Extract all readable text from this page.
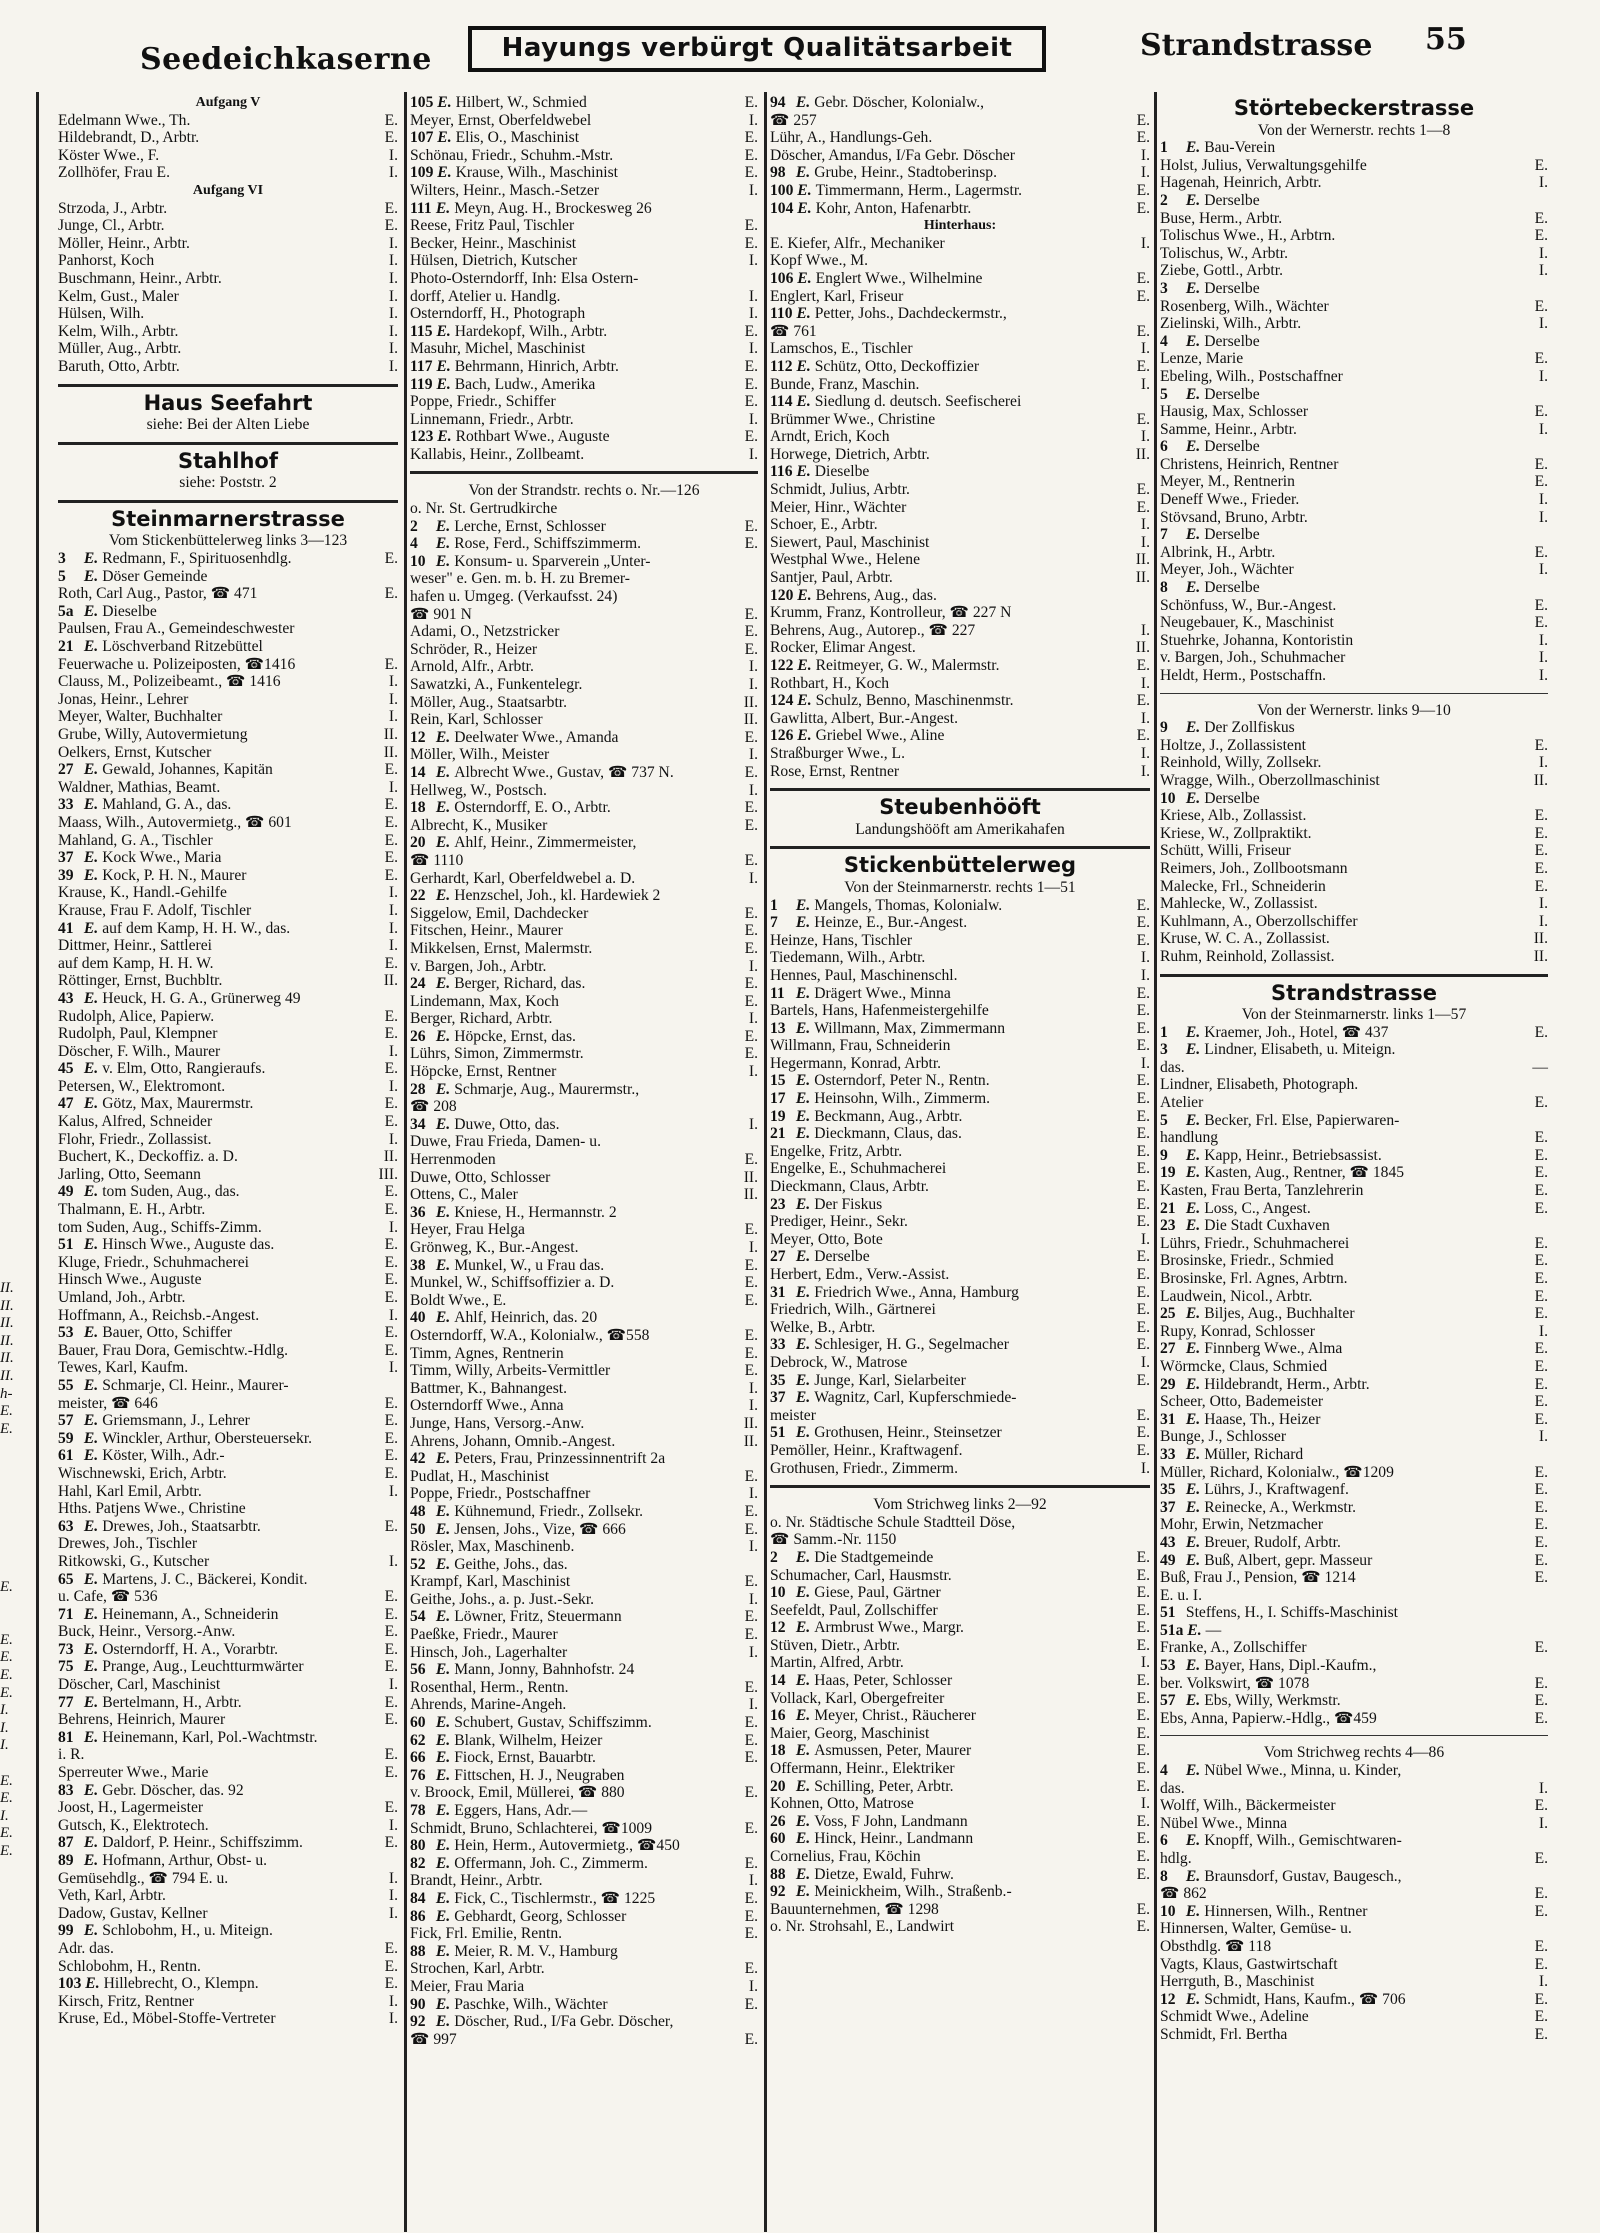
Seedeichkaserne	Hayungs verbürgt Qualitätsarbeit	Strandstrasse 55
II.
II.
II.
II.
II.
II.
h-
E.
E.
E.
E.
E.
E.
E.
I.
I.
I.
E.
E.
I.
E.
E.
Aufgang V
Edelmann Wwe., Th.	E.
Hildebrandt, D., Arbtr.	E.
Köster Wwe., F.	I.
Zollhöfer, Frau E.	I.
Aufgang VI
Strzoda, J., Arbtr.	E.
Junge, Cl., Arbtr.	E.
Möller, Heinr., Arbtr.	I.
Panhorst, Koch	I.
Buschmann, Heinr., Arbtr.	I.
Kelm, Gust., Maler	I.
Hülsen, Wilh.	I.
Kelm, Wilh., Arbtr.	I.
Müller, Aug., Arbtr.	I.
Baruth, Otto, Arbtr.	I.
Haus Seefahrt
siehe: Bei der Alten Liebe
Stahlhof
siehe: Poststr. 2
Steinmarnerstrasse
Vom Stickenbüttelerweg links 3—123
3 E. Redmann, F., Spirituosenhdlg.	E.
5 E. Döser Gemeinde
Roth, Carl Aug., Pastor, ☎ 471	E.
5a E. Dieselbe
Paulsen, Frau A., Gemeindeschwester
21 E. Löschverband Ritzebüttel
Feuerwache u. Polizeiposten, ☎1416	E.
Clauss, M., Polizeibeamt., ☎ 1416	I.
Jonas, Heinr., Lehrer	I.
Meyer, Walter, Buchhalter	I.
Grube, Willy, Autovermietung	II.
Oelkers, Ernst, Kutscher	II.
27 E. Gewald, Johannes, Kapitän	E.
Waldner, Mathias, Beamt.	I.
33 E. Mahland, G. A., das.	E.
Maass, Wilh., Autovermietg., ☎ 601	E.
Mahland, G. A., Tischler	E.
37 E. Kock Wwe., Maria	E.
39 E. Kock, P. H. N., Maurer	E.
Krause, K., Handl.-Gehilfe	I.
Krause, Frau F. Adolf, Tischler	I.
41 E. auf dem Kamp, H. H. W., das.	I.
Dittmer, Heinr., Sattlerei	I.
auf dem Kamp, H. H. W.	E.
Röttinger, Ernst, Buchbltr.	II.
43 E. Heuck, H. G. A., Grünerweg 49
Rudolph, Alice, Papierw.	E.
Rudolph, Paul, Klempner	E.
Döscher, F. Wilh., Maurer	I.
45 E. v. Elm, Otto, Rangieraufs.	E.
Petersen, W., Elektromont.	I.
47 E. Götz, Max, Maurermstr.	E.
Kalus, Alfred, Schneider	E.
Flohr, Friedr., Zollassist.	I.
Buchert, K., Deckoffiz. a. D.	II.
Jarling, Otto, Seemann	III.
49 E. tom Suden, Aug., das.	E.
Thalmann, E. H., Arbtr.	E.
tom Suden, Aug., Schiffs-Zimm.	I.
51 E. Hinsch Wwe., Auguste das.	E.
Kluge, Friedr., Schuhmacherei	E.
Hinsch Wwe., Auguste	E.
Umland, Joh., Arbtr.	E.
Hoffmann, A., Reichsb.-Angest.	I.
53 E. Bauer, Otto, Schiffer	E.
Bauer, Frau Dora, Gemischtw.-Hdlg.	E.
Tewes, Karl, Kaufm.	I.
55 E. Schmarje, Cl. Heinr., Maurer-
meister, ☎ 646	E.
57 E. Griemsmann, J., Lehrer	E.
59 E. Winckler, Arthur, Obersteuersekr.	E.
61 E. Köster, Wilh., Adr.-	E.
Wischnewski, Erich, Arbtr.	E.
Hahl, Karl Emil, Arbtr.	I.
Hths. Patjens Wwe., Christine
63 E. Drewes, Joh., Staatsarbtr.	E.
Drewes, Joh., Tischler
Ritkowski, G., Kutscher	I.
65 E. Martens, J. C., Bäckerei, Kondit.
u. Cafe, ☎ 536	E.
71 E. Heinemann, A., Schneiderin	E.
Buck, Heinr., Versorg.-Anw.	E.
73 E. Osterndorff, H. A., Vorarbtr.	E.
75 E. Prange, Aug., Leuchtturmwärter	E.
Döscher, Carl, Maschinist	I.
77 E. Bertelmann, H., Arbtr.	E.
Behrens, Heinrich, Maurer	E.
81 E. Heinemann, Karl, Pol.-Wachtmstr.
i. R.	E.
Sperreuter Wwe., Marie	E.
83 E. Gebr. Döscher, das. 92
Joost, H., Lagermeister	E.
Gutsch, K., Elektrotech.	I.
87 E. Daldorf, P. Heinr., Schiffszimm.	E.
89 E. Hofmann, Arthur, Obst- u.
Gemüsehdlg., ☎ 794 E. u.	I.
Veth, Karl, Arbtr.	I.
Dadow, Gustav, Kellner	I.
99 E. Schlobohm, H., u. Miteign.
Adr. das.	E.
Schlobohm, H., Rentn.	E.
103 E. Hillebrecht, O., Klempn.	E.
Kirsch, Fritz, Rentner	I.
Kruse, Ed., Möbel-Stoffe-Vertreter	I.
105 E. Hilbert, W., Schmied	E.
Meyer, Ernst, Oberfeldwebel	I.
107 E. Elis, O., Maschinist	E.
Schönau, Friedr., Schuhm.-Mstr.	E.
109 E. Krause, Wilh., Maschinist	E.
Wilters, Heinr., Masch.-Setzer	I.
111 E. Meyn, Aug. H., Brockesweg 26
Reese, Fritz Paul, Tischler	E.
Becker, Heinr., Maschinist	E.
Hülsen, Dietrich, Kutscher	I.
Photo-Osterndorff, Inh: Elsa Ostern-
dorff, Atelier u. Handlg.	I.
Osterndorff, H., Photograph	I.
115 E. Hardekopf, Wilh., Arbtr.	E.
Masuhr, Michel, Maschinist	I.
117 E. Behrmann, Hinrich, Arbtr.	E.
119 E. Bach, Ludw., Amerika	E.
Poppe, Friedr., Schiffer	E.
Linnemann, Friedr., Arbtr.	I.
123 E. Rothbart Wwe., Auguste	E.
Kallabis, Heinr., Zollbeamt.	I.
Von der Strandstr. rechts o. Nr.—126
o. Nr. St. Gertrudkirche
2 E. Lerche, Ernst, Schlosser	E.
4 E. Rose, Ferd., Schiffszimmerm.	E.
10 E. Konsum- u. Sparverein „Unter-
weser" e. Gen. m. b. H. zu Bremer-
hafen u. Umgeg. (Verkaufsst. 24)
☎ 901 N	E.
Adami, O., Netzstricker	E.
Schröder, R., Heizer	E.
Arnold, Alfr., Arbtr.	I.
Sawatzki, A., Funkentelegr.	I.
Möller, Aug., Staatsarbtr.	II.
Rein, Karl, Schlosser	II.
12 E. Deelwater Wwe., Amanda	E.
Möller, Wilh., Meister	I.
14 E. Albrecht Wwe., Gustav, ☎ 737 N.	E.
Hellweg, W., Postsch.	I.
18 E. Osterndorff, E. O., Arbtr.	E.
Albrecht, K., Musiker	E.
20 E. Ahlf, Heinr., Zimmermeister,
☎ 1110	E.
Gerhardt, Karl, Oberfeldwebel a. D.	I.
22 E. Henzschel, Joh., kl. Hardewiek 2
Siggelow, Emil, Dachdecker	E.
Fitschen, Heinr., Maurer	E.
Mikkelsen, Ernst, Malermstr.	E.
v. Bargen, Joh., Arbtr.	I.
24 E. Berger, Richard, das.	E.
Lindemann, Max, Koch	E.
Berger, Richard, Arbtr.	I.
26 E. Höpcke, Ernst, das.	E.
Lührs, Simon, Zimmermstr.	E.
Höpcke, Ernst, Rentner	I.
28 E. Schmarje, Aug., Maurermstr.,
☎ 208
34 E. Duwe, Otto, das.	I.
Duwe, Frau Frieda, Damen- u.
Herrenmoden	E.
Duwe, Otto, Schlosser	II.
Ottens, C., Maler	II.
36 E. Kniese, H., Hermannstr. 2
Heyer, Frau Helga	E.
Grönweg, K., Bur.-Angest.	I.
38 E. Munkel, W., u Frau das.	E.
Munkel, W., Schiffsoffizier a. D.	E.
Boldt Wwe., E.	E.
40 E. Ahlf, Heinrich, das. 20
Osterndorff, W.A., Kolonialw., ☎558	E.
Timm, Agnes, Rentnerin	E.
Timm, Willy, Arbeits-Vermittler	E.
Battmer, K., Bahnangest.	I.
Osterndorff Wwe., Anna	I.
Junge, Hans, Versorg.-Anw.	II.
Ahrens, Johann, Omnib.-Angest.	II.
42 E. Peters, Frau, Prinzessinnentrift 2a
Pudlat, H., Maschinist	E.
Poppe, Friedr., Postschaffner	I.
48 E. Kühnemund, Friedr., Zollsekr.	E.
50 E. Jensen, Johs., Vize, ☎ 666	E.
Rösler, Max, Maschinenb.	I.
52 E. Geithe, Johs., das.
Krampf, Karl, Maschinist	E.
Geithe, Johs., a. p. Just.-Sekr.	I.
54 E. Löwner, Fritz, Steuermann	E.
Paeßke, Friedr., Maurer	E.
Hinsch, Joh., Lagerhalter	I.
56 E. Mann, Jonny, Bahnhofstr. 24
Rosenthal, Herm., Rentn.	E.
Ahrends, Marine-Angeh.	I.
60 E. Schubert, Gustav, Schiffszimm.	E.
62 E. Blank, Wilhelm, Heizer	E.
66 E. Fiock, Ernst, Bauarbtr.	E.
76 E. Fittschen, H. J., Neugraben
v. Broock, Emil, Müllerei, ☎ 880	E.
78 E. Eggers, Hans, Adr.—
Schmidt, Bruno, Schlachterei, ☎1009	E.
80 E. Hein, Herm., Autovermietg., ☎450
82 E. Offermann, Joh. C., Zimmerm.	E.
Brandt, Heinr., Arbtr.	I.
84 E. Fick, C., Tischlermstr., ☎ 1225	E.
86 E. Gebhardt, Georg, Schlosser	E.
Fick, Frl. Emilie, Rentn.	E.
88 E. Meier, R. M. V., Hamburg
Strochen, Karl, Arbtr.	E.
Meier, Frau Maria	I.
90 E. Paschke, Wilh., Wächter	E.
92 E. Döscher, Rud., I/Fa Gebr. Döscher,
☎ 997	E.
94 E. Gebr. Döscher, Kolonialw.,
☎ 257	E.
Lühr, A., Handlungs-Geh.	E.
Döscher, Amandus, I/Fa Gebr. Döscher	I.
98 E. Grube, Heinr., Stadtoberinsp.	I.
100 E. Timmermann, Herm., Lagermstr.	E.
104 E. Kohr, Anton, Hafenarbtr.	E.
Hinterhaus:
E. Kiefer, Alfr., Mechaniker	I.
Kopf Wwe., M.
106 E. Englert Wwe., Wilhelmine	E.
Englert, Karl, Friseur	E.
110 E. Petter, Johs., Dachdeckermstr.,
☎ 761	E.
Lamschos, E., Tischler	I.
112 E. Schütz, Otto, Deckoffizier	E.
Bunde, Franz, Maschin.	I.
114 E. Siedlung d. deutsch. Seefischerei
Brümmer Wwe., Christine	E.
Arndt, Erich, Koch	I.
Horwege, Dietrich, Arbtr.	II.
116 E. Dieselbe
Schmidt, Julius, Arbtr.	E.
Meier, Hinr., Wächter	E.
Schoer, E., Arbtr.	I.
Siewert, Paul, Maschinist	I.
Westphal Wwe., Helene	II.
Santjer, Paul, Arbtr.	II.
120 E. Behrens, Aug., das.
Krumm, Franz, Kontrolleur, ☎ 227 N
Behrens, Aug., Autorep., ☎ 227	I.
Rocker, Elimar Angest.	II.
122 E. Reitmeyer, G. W., Malermstr.	E.
Rothbart, H., Koch	I.
124 E. Schulz, Benno, Maschinenmstr.	E.
Gawlitta, Albert, Bur.-Angest.	I.
126 E. Griebel Wwe., Aline	E.
Straßburger Wwe., L.	I.
Rose, Ernst, Rentner	I.
Steubenhööft
Landungshööft am Amerikahafen
Stickenbüttelerweg
Von der Steinmarnerstr. rechts 1—51
1 E. Mangels, Thomas, Kolonialw.	E.
7 E. Heinze, E., Bur.-Angest.	E.
Heinze, Hans, Tischler	E.
Tiedemann, Wilh., Arbtr.	I.
Hennes, Paul, Maschinenschl.	I.
11 E. Drägert Wwe., Minna	E.
Bartels, Hans, Hafenmeistergehilfe	E.
13 E. Willmann, Max, Zimmermann	E.
Willmann, Frau, Schneiderin	E.
Hegermann, Konrad, Arbtr.	I.
15 E. Osterndorf, Peter N., Rentn.	E.
17 E. Heinsohn, Wilh., Zimmerm.	E.
19 E. Beckmann, Aug., Arbtr.	E.
21 E. Dieckmann, Claus, das.	E.
Engelke, Fritz, Arbtr.	E.
Engelke, E., Schuhmacherei	E.
Dieckmann, Claus, Arbtr.	E.
23 E. Der Fiskus	E.
Prediger, Heinr., Sekr.	E.
Meyer, Otto, Bote	I.
27 E. Derselbe	E.
Herbert, Edm., Verw.-Assist.	E.
31 E. Friedrich Wwe., Anna, Hamburg	E.
Friedrich, Wilh., Gärtnerei	E.
Welke, B., Arbtr.	E.
33 E. Schlesiger, H. G., Segelmacher	E.
Debrock, W., Matrose	I.
35 E. Junge, Karl, Sielarbeiter	E.
37 E. Wagnitz, Carl, Kupferschmiede-
meister	E.
51 E. Grothusen, Heinr., Steinsetzer	E.
Pemöller, Heinr., Kraftwagenf.	E.
Grothusen, Friedr., Zimmerm.	I.
Vom Strichweg links 2—92
o. Nr. Städtische Schule Stadtteil Döse,
☎ Samm.-Nr. 1150
2 E. Die Stadtgemeinde	E.
Schumacher, Carl, Hausmstr.	E.
10 E. Giese, Paul, Gärtner	E.
Seefeldt, Paul, Zollschiffer	E.
12 E. Armbrust Wwe., Margr.	E.
Stüven, Dietr., Arbtr.	E.
Martin, Alfred, Arbtr.	I.
14 E. Haas, Peter, Schlosser	E.
Vollack, Karl, Obergefreiter	E.
16 E. Meyer, Christ., Räucherer	E.
Maier, Georg, Maschinist	E.
18 E. Asmussen, Peter, Maurer	E.
Offermann, Heinr., Elektriker	E.
20 E. Schilling, Peter, Arbtr.	E.
Kohnen, Otto, Matrose	I.
26 E. Voss, F John, Landmann	E.
60 E. Hinck, Heinr., Landmann	E.
Cornelius, Frau, Köchin	E.
88 E. Dietze, Ewald, Fuhrw.	E.
92 E. Meinickheim, Wilh., Straßenb.-
Bauunternehmen, ☎ 1298	E.
o. Nr. Strohsahl, E., Landwirt	E.
Störtebeckerstrasse
Von der Wernerstr. rechts 1—8
1 E. Bau-Verein
Holst, Julius, Verwaltungsgehilfe	E.
Hagenah, Heinrich, Arbtr.	I.
2 E. Derselbe
Buse, Herm., Arbtr.	E.
Tolischus Wwe., H., Arbtrn.	E.
Tolischus, W., Arbtr.	I.
Ziebe, Gottl., Arbtr.	I.
3 E. Derselbe
Rosenberg, Wilh., Wächter	E.
Zielinski, Wilh., Arbtr.	I.
4 E. Derselbe
Lenze, Marie	E.
Ebeling, Wilh., Postschaffner	I.
5 E. Derselbe
Hausig, Max, Schlosser	E.
Samme, Heinr., Arbtr.	I.
6 E. Derselbe
Christens, Heinrich, Rentner	E.
Meyer, M., Rentnerin	E.
Deneff Wwe., Frieder.	I.
Stövsand, Bruno, Arbtr.	I.
7 E. Derselbe
Albrink, H., Arbtr.	E.
Meyer, Joh., Wächter	I.
8 E. Derselbe
Schönfuss, W., Bur.-Angest.	E.
Neugebauer, K., Maschinist	E.
Stuehrke, Johanna, Kontoristin	I.
v. Bargen, Joh., Schuhmacher	I.
Heldt, Herm., Postschaffn.	I.
Von der Wernerstr. links 9—10
9 E. Der Zollfiskus
Holtze, J., Zollassistent	E.
Reinhold, Willy, Zollsekr.	I.
Wragge, Wilh., Oberzollmaschinist	II.
10 E. Derselbe
Kriese, Alb., Zollassist.	E.
Kriese, W., Zollpraktikt.	E.
Schütt, Willi, Friseur	E.
Reimers, Joh., Zollbootsmann	E.
Malecke, Frl., Schneiderin	E.
Mahlecke, W., Zollassist.	I.
Kuhlmann, A., Oberzollschiffer	I.
Kruse, W. C. A., Zollassist.	II.
Ruhm, Reinhold, Zollassist.	II.
Strandstrasse
Von der Steinmarnerstr. links 1—57
1 E. Kraemer, Joh., Hotel, ☎ 437	E.
3 E. Lindner, Elisabeth, u. Miteign.
das.	—
Lindner, Elisabeth, Photograph.
Atelier	E.
5 E. Becker, Frl. Else, Papierwaren-
handlung	E.
9 E. Kapp, Heinr., Betriebsassist.	E.
19 E. Kasten, Aug., Rentner, ☎ 1845	E.
Kasten, Frau Berta, Tanzlehrerin	E.
21 E. Loss, C., Angest.	E.
23 E. Die Stadt Cuxhaven
Lührs, Friedr., Schuhmacherei	E.
Brosinske, Friedr., Schmied	E.
Brosinske, Frl. Agnes, Arbtrn.	E.
Laudwein, Nicol., Arbtr.	E.
25 E. Biljes, Aug., Buchhalter	E.
Rupy, Konrad, Schlosser	I.
27 E. Finnberg Wwe., Alma	E.
Wörmcke, Claus, Schmied	E.
29 E. Hildebrandt, Herm., Arbtr.	E.
Scheer, Otto, Bademeister	E.
31 E. Haase, Th., Heizer	E.
Bunge, J., Schlosser	I.
33 E. Müller, Richard
Müller, Richard, Kolonialw., ☎1209	E.
35 E. Lührs, J., Kraftwagenf.	E.
37 E. Reinecke, A., Werkmstr.	E.
Mohr, Erwin, Netzmacher	E.
43 E. Breuer, Rudolf, Arbtr.	E.
49 E. Buß, Albert, gepr. Masseur	E.
Buß, Frau J., Pension, ☎ 1214	E.
E. u. I.
51 Steffens, H., I. Schiffs-Maschinist
51a E. —
Franke, A., Zollschiffer	E.
53 E. Bayer, Hans, Dipl.-Kaufm.,
ber. Volkswirt, ☎ 1078	E.
57 E. Ebs, Willy, Werkmstr.	E.
Ebs, Anna, Papierw.-Hdlg., ☎459	E.
Vom Strichweg rechts 4—86
4 E. Nübel Wwe., Minna, u. Kinder,
das.	I.
Wolff, Wilh., Bäckermeister	E.
Nübel Wwe., Minna	I.
6 E. Knopff, Wilh., Gemischtwaren-
hdlg.	E.
8 E. Braunsdorf, Gustav, Baugesch.,
☎ 862	E.
10 E. Hinnersen, Wilh., Rentner	E.
Hinnersen, Walter, Gemüse- u.
Obsthdlg. ☎ 118	E.
Vagts, Klaus, Gastwirtschaft	E.
Herrguth, B., Maschinist	I.
12 E. Schmidt, Hans, Kaufm., ☎ 706	E.
Schmidt Wwe., Adeline	E.
Schmidt, Frl. Bertha	E.
